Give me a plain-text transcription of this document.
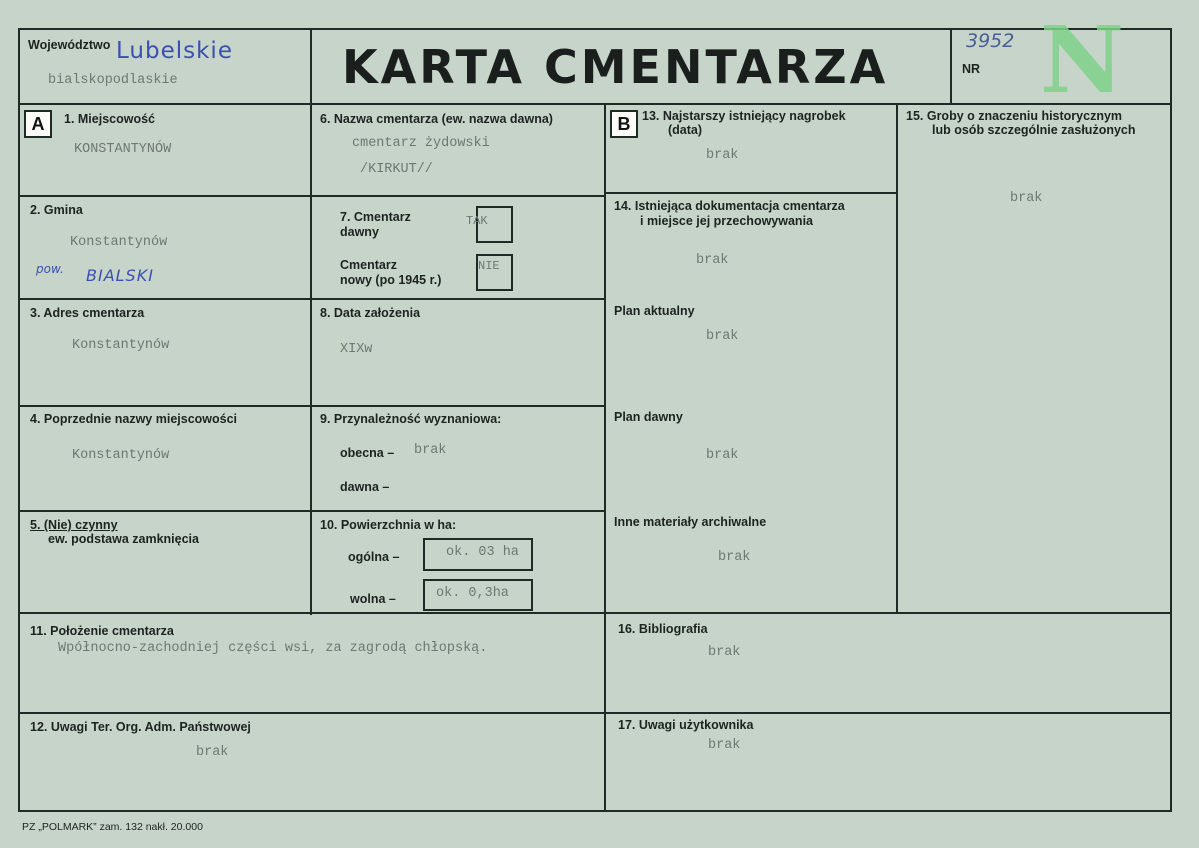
Województwo Lubelskie
bialskopodlaskie	KARTA CMENTARZA	3952
NR N
A	1. Miejscowość
KONSTANTYNÓW
2. Gmina
Konstantynów
pow. BIALSKI
3. Adres cmentarza
Konstantynów
4. Poprzednie nazwy miejscowości
Konstantynów
5. (Nie) czynny
ew. podstawa zamknięcia
6. Nazwa cmentarza (ew. nazwa dawna)
cmentarz żydowski
/KIRKUT//
7. Cmentarz
dawny
TAK
Cmentarz
nowy (po 1945 r.)
NIE
8. Data założenia
XIXw
9. Przynależność wyznaniowa:
obecna – brak
dawna –
10. Powierzchnia w ha:
ogólna –	ok. 03 ha
wolna –	ok. 0,3ha
11. Położenie cmentarza
Wpółnocno-zachodniej części wsi, za zagrodą chłopską.
12. Uwagi Ter. Org. Adm. Państwowej
brak
B 13. Najstarszy istniejący nagrobek
(data)
brak
14. Istniejąca dokumentacja cmentarza
i miejsce jej przechowywania
brak
Plan aktualny
brak
Plan dawny
brak
Inne materiały archiwalne
brak
15. Groby o znaczeniu historycznym
lub osób szczególnie zasłużonych
brak
16. Bibliografia
brak
17. Uwagi użytkownika
brak
PZ „POLMARK” zam. 132 nakł. 20.000
